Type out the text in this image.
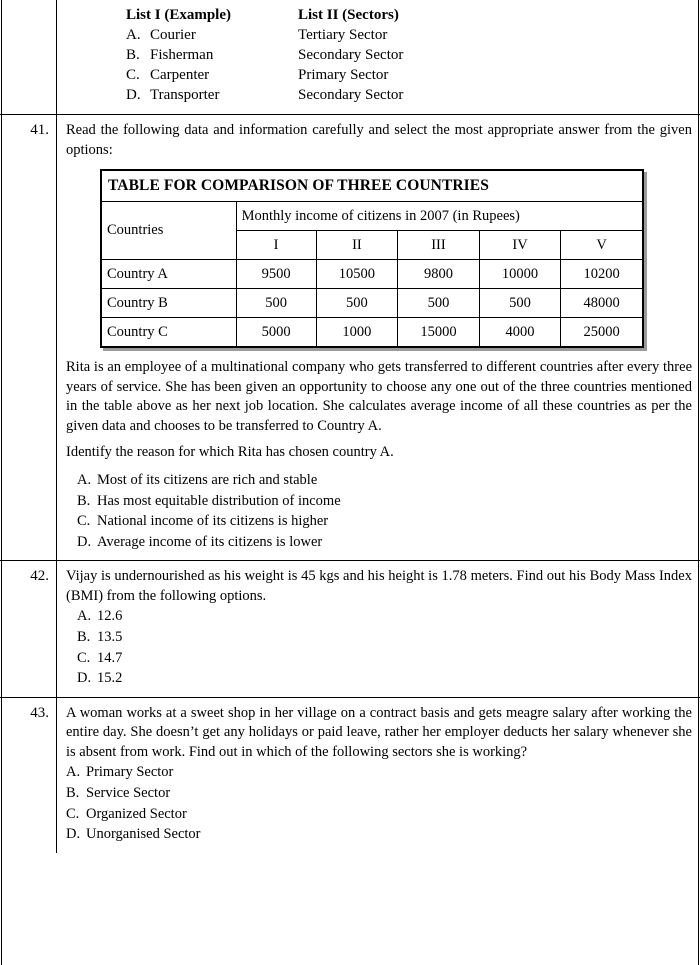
List I (Example)	List II (Sectors)
A. Courier	Tertiary Sector
B. Fisherman	Secondary Sector
C. Carpenter	Primary Sector
D. Transporter	Secondary Sector
41.	Read the following data and information carefully and select the most appropriate answer from the given options:
TABLE FOR COMPARISON OF THREE COUNTRIES					
Countries	Monthly income of citizens in 2007 (in Rupees)				
	I	II	III	IV	V
Country A	9500	10500	9800	10000	10200
Country B	500	500	500	500	48000
Country C	5000	1000	15000	4000	25000
Rita is an employee of a multinational company who gets transferred to different countries after every three years of service. She has been given an opportunity to choose any one out of the three countries mentioned in the table above as her next job location. She calculates average income of all these countries as per the given data and chooses to be transferred to Country A.
Identify the reason for which Rita has chosen country A.
A. Most of its citizens are rich and stable
B. Has most equitable distribution of income
C. National income of its citizens is higher
D. Average income of its citizens is lower
42.	Vijay is undernourished as his weight is 45 kgs and his height is 1.78 meters. Find out his Body Mass Index (BMI) from the following options.
A. 12.6
B. 13.5
C. 14.7
D. 15.2
43.	A woman works at a sweet shop in her village on a contract basis and gets meagre salary after working the entire day. She doesn’t get any holidays or paid leave, rather her employer deducts her salary whenever she is absent from work. Find out in which of the following sectors she is working?
A. Primary Sector
B. Service Sector
C. Organized Sector
D. Unorganised Sector
